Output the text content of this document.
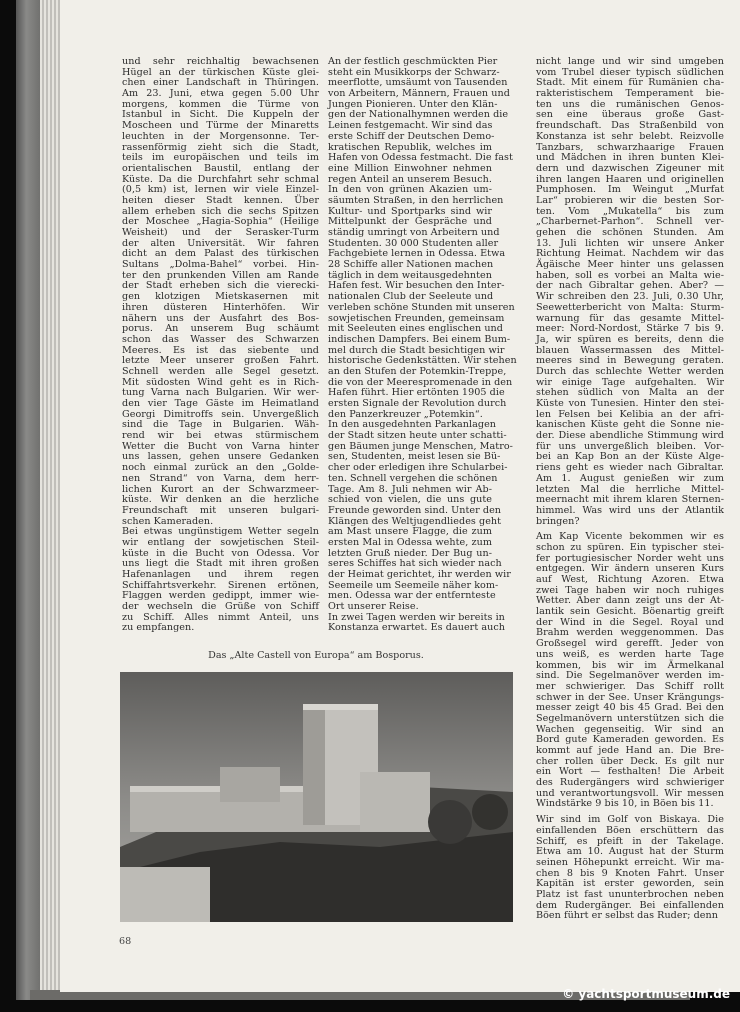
und sehr reichhaltig bewachsenen
Hügel an der türkischen Küste glei-
chen einer Landschaft in Thüringen.
Am 23. Juni, etwa gegen 5.00 Uhr
morgens, kommen die Türme von
Istanbul in Sicht. Die Kuppeln der
Moscheen und Türme der Minaretts
leuchten in der Morgensonne. Ter-
rassenförmig zieht sich die Stadt,
teils im europäischen und teils im
orientalischen Baustil, entlang der
Küste. Da die Durchfahrt sehr schmal
(0,5 km) ist, lernen wir viele Einzel-
heiten dieser Stadt kennen. Über
allem erheben sich die sechs Spitzen
der Moschee „Hagia-Sophia“ (Heilige
Weisheit) und der Serasker-Turm
der alten Universität. Wir fahren
dicht an dem Palast des türkischen
Sultans „Dolma-Bahel“ vorbei. Hin-
ter den prunkenden Villen am Rande
der Stadt erheben sich die vierecki-
gen klotzigen Mietskasernen mit
ihren düsteren Hinterhöfen. Wir
nähern uns der Ausfahrt des Bos-
porus. An unserem Bug schäumt
schon das Wasser des Schwarzen
Meeres. Es ist das siebente und
letzte Meer unserer großen Fahrt.
Schnell werden alle Segel gesetzt.
Mit südosten Wind geht es in Rich-
tung Varna nach Bulgarien. Wir wer-
den vier Tage Gäste im Heimatland
Georgi Dimitroffs sein. Unvergeßlich
sind die Tage in Bulgarien. Wäh-
rend wir bei etwas stürmischem
Wetter die Bucht von Varna hinter
uns lassen, gehen unsere Gedanken
noch einmal zurück an den „Golde-
nen Strand“ von Varna, dem herr-
lichen Kurort an der Schwarzmeer-
küste. Wir denken an die herzliche
Freundschaft mit unseren bulgari-
schen Kameraden.
Bei etwas ungünstigem Wetter segeln
wir entlang der sowjetischen Steil-
küste in die Bucht von Odessa. Vor
uns liegt die Stadt mit ihren großen
Hafenanlagen und ihrem regen
Schiffahrtsverkehr. Sirenen ertönen,
Flaggen werden gedippt, immer wie-
der wechseln die Grüße von Schiff
zu Schiff. Alles nimmt Anteil, uns
zu empfangen.
An der festlich geschmückten Pier
steht ein Musikkorps der Schwarz-
meerflotte, umsäumt von Tausenden
von Arbeitern, Männern, Frauen und
Jungen Pionieren. Unter den Klän-
gen der Nationalhymnen werden die
Leinen festgemacht. Wir sind das
erste Schiff der Deutschen Demo-
kratischen Republik, welches im
Hafen von Odessa festmacht. Die fast
eine Million Einwohner nehmen
regen Anteil an unserem Besuch.
In den von grünen Akazien um-
säumten Straßen, in den herrlichen
Kultur- und Sportparks sind wir
Mittelpunkt der Gespräche und
ständig umringt von Arbeitern und
Studenten. 30 000 Studenten aller
Fachgebiete lernen in Odessa. Etwa
28 Schiffe aller Nationen machen
täglich in dem weitausgedehnten
Hafen fest. Wir besuchen den Inter-
nationalen Club der Seeleute und
verleben schöne Stunden mit unseren
sowjetischen Freunden, gemeinsam
mit Seeleuten eines englischen und
indischen Dampfers. Bei einem Bum-
mel durch die Stadt besichtigen wir
historische Gedenkstätten. Wir stehen
an den Stufen der Potemkin-Treppe,
die von der Meerespromenade in den
Hafen führt. Hier ertönten 1905 die
ersten Signale der Revolution durch
den Panzerkreuzer „Potemkin“.
In den ausgedehnten Parkanlagen
der Stadt sitzen heute unter schatti-
gen Bäumen junge Menschen, Matro-
sen, Studenten, meist lesen sie Bü-
cher oder erledigen ihre Schularbei-
ten. Schnell vergehen die schönen
Tage. Am 8. Juli nehmen wir Ab-
schied von vielen, die uns gute
Freunde geworden sind. Unter den
Klängen des Weltjugendliedes geht
am Mast unsere Flagge, die zum
ersten Mal in Odessa wehte, zum
letzten Gruß nieder. Der Bug un-
seres Schiffes hat sich wieder nach
der Heimat gerichtet, ihr werden wir
Seemeile um Seemeile näher kom-
men. Odessa war der entfernteste
Ort unserer Reise.
In zwei Tagen werden wir bereits in
Konstanza erwartet. Es dauert auch
nicht lange und wir sind umgeben
vom Trubel dieser typisch südlichen
Stadt. Mit einem für Rumänien cha-
rakteristischem Temperament bie-
ten uns die rumänischen Genos-
sen eine überaus große Gast-
freundschaft. Das Straßenbild von
Konstanza ist sehr belebt. Reizvolle
Tanzbars, schwarzhaarige Frauen
und Mädchen in ihren bunten Klei-
dern und dazwischen Zigeuner mit
ihren langen Haaren und originellen
Pumphosen. Im Weingut „Murfat
Lar“ probieren wir die besten Sor-
ten. Vom „Mukatella“ bis zum
„Charbernet-Parhon“. Schnell ver-
gehen die schönen Stunden. Am
13. Juli lichten wir unsere Anker
Richtung Heimat. Nachdem wir das
Ägäische Meer hinter uns gelassen
haben, soll es vorbei an Malta wie-
der nach Gibraltar gehen. Aber? —
Wir schreiben den 23. Juli, 0.30 Uhr,
Seewetterbericht von Malta: Sturm-
warnung für das gesamte Mittel-
meer: Nord-Nordost, Stärke 7 bis 9.
Ja, wir spüren es bereits, denn die
blauen Wassermassen des Mittel-
meeres sind in Bewegung geraten.
Durch das schlechte Wetter werden
wir einige Tage aufgehalten. Wir
stehen südlich von Malta an der
Küste von Tunesien. Hinter den stei-
len Felsen bei Kelibia an der afri-
kanischen Küste geht die Sonne nie-
der. Diese abendliche Stimmung wird
für uns unvergeßlich bleiben. Vor-
bei an Kap Bon an der Küste Alge-
riens geht es wieder nach Gibraltar.
Am 1. August genießen wir zum
letzten Mal die herrliche Mittel-
meernacht mit ihrem klaren Sternen-
himmel. Was wird uns der Atlantik
bringen?
Am Kap Vicente bekommen wir es
schon zu spüren. Ein typischer stei-
fer portugiesischer Norder weht uns
entgegen. Wir ändern unseren Kurs
auf West, Richtung Azoren. Etwa
zwei Tage haben wir noch ruhiges
Wetter. Aber dann zeigt uns der At-
lantik sein Gesicht. Böenartig greift
der Wind in die Segel. Royal und
Brahm werden weggenommen. Das
Großsegel wird gerefft. Jeder von
uns weiß, es werden harte Tage
kommen, bis wir im Ärmelkanal
sind. Die Segelmanöver werden im-
mer schwieriger. Das Schiff rollt
schwer in der See. Unser Krängungs-
messer zeigt 40 bis 45 Grad. Bei den
Segelmanövern unterstützen sich die
Wachen gegenseitig. Wir sind an
Bord gute Kameraden geworden. Es
kommt auf jede Hand an. Die Bre-
cher rollen über Deck. Es gilt nur
ein Wort — festhalten! Die Arbeit
des Rudergängers wird schwieriger
und verantwortungsvoll. Wir messen
Windstärke 9 bis 10, in Böen bis 11.
Wir sind im Golf von Biskaya. Die
einfallenden Böen erschüttern das
Schiff, es pfeift in der Takelage.
Etwa am 10. August hat der Sturm
seinen Höhepunkt erreicht. Wir ma-
chen 8 bis 9 Knoten Fahrt. Unser
Kapitän ist erster geworden, sein
Platz ist fast ununterbrochen neben
dem Rudergänger. Bei einfallenden
Böen führt er selbst das Ruder; denn
Das „Alte Castell von Europa“ am Bosporus.
68
© yachtsportmuseum.de
